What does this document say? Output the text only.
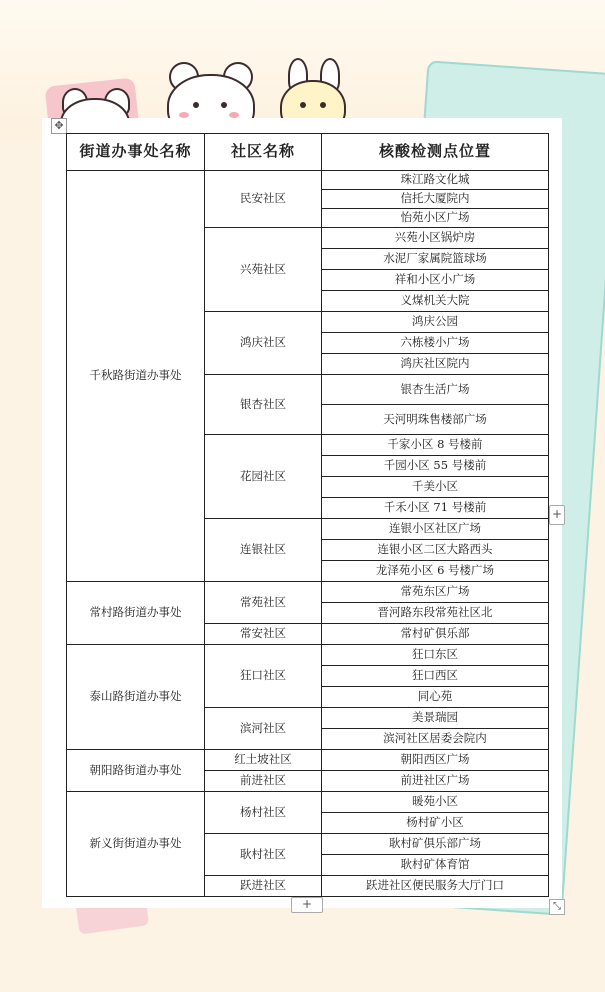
✥
街道办事处名称	社区名称	核酸检测点位置
千秋路街道办事处	民安社区	珠江路文化城
		信托大厦院内
		怡苑小区广场
	兴苑社区	兴苑小区锅炉房
		水泥厂家属院篮球场
		祥和小区小广场
		义煤机关大院
	鸿庆社区	鸿庆公园
		六栋楼小广场
		鸿庆社区院内
	银杏社区	银杏生活广场
		天河明珠售楼部广场
	花园社区	千家小区 8 号楼前
		千园小区 55 号楼前
		千美小区
		千禾小区 71 号楼前
	连银社区	连银小区社区广场
		连银小区二区大路西头
		龙泽苑小区 6 号楼广场
常村路街道办事处	常苑社区	常苑东区广场
		晋河路东段常苑社区北
	常安社区	常村矿俱乐部
泰山路街道办事处	狂口社区	狂口东区
		狂口西区
		同心苑
	滨河社区	美景瑞园
		滨河社区居委会院内
朝阳路街道办事处	红土坡社区	朝阳西区广场
	前进社区	前进社区广场
新义街街道办事处	杨村社区	暖苑小区
		杨村矿小区
	耿村社区	耿村矿俱乐部广场
		耿村矿体育馆
	跃进社区	跃进社区便民服务大厅门口
+
+	⤡
